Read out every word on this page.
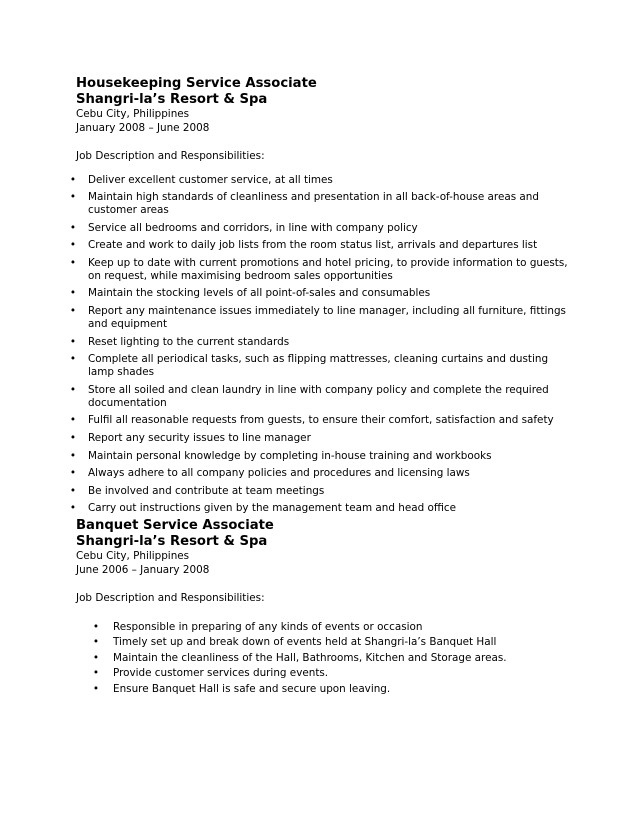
Housekeeping Service Associate
Shangri-la’s Resort & Spa
Cebu City, Philippines
January 2008 – June 2008
Job Description and Responsibilities:
• Deliver excellent customer service, at all times
• Maintain high standards of cleanliness and presentation in all back-of-house areas and customer areas
• Service all bedrooms and corridors, in line with company policy
• Create and work to daily job lists from the room status list, arrivals and departures list
• Keep up to date with current promotions and hotel pricing, to provide information to guests, on request, while maximising bedroom sales opportunities
• Maintain the stocking levels of all point-of-sales and consumables
• Report any maintenance issues immediately to line manager, including all furniture, fittings and equipment
• Reset lighting to the current standards
• Complete all periodical tasks, such as flipping mattresses, cleaning curtains and dusting lamp shades
• Store all soiled and clean laundry in line with company policy and complete the required documentation
• Fulfil all reasonable requests from guests, to ensure their comfort, satisfaction and safety
• Report any security issues to line manager
• Maintain personal knowledge by completing in-house training and workbooks
• Always adhere to all company policies and procedures and licensing laws
• Be involved and contribute at team meetings
• Carry out instructions given by the management team and head office
Banquet Service Associate
Shangri-la’s Resort & Spa
Cebu City, Philippines
June 2006 – January 2008
Job Description and Responsibilities:
• Responsible in preparing of any kinds of events or occasion
• Timely set up and break down of events held at Shangri-la’s Banquet Hall
• Maintain the cleanliness of the Hall, Bathrooms, Kitchen and Storage areas.
• Provide customer services during events.
• Ensure Banquet Hall is safe and secure upon leaving.
